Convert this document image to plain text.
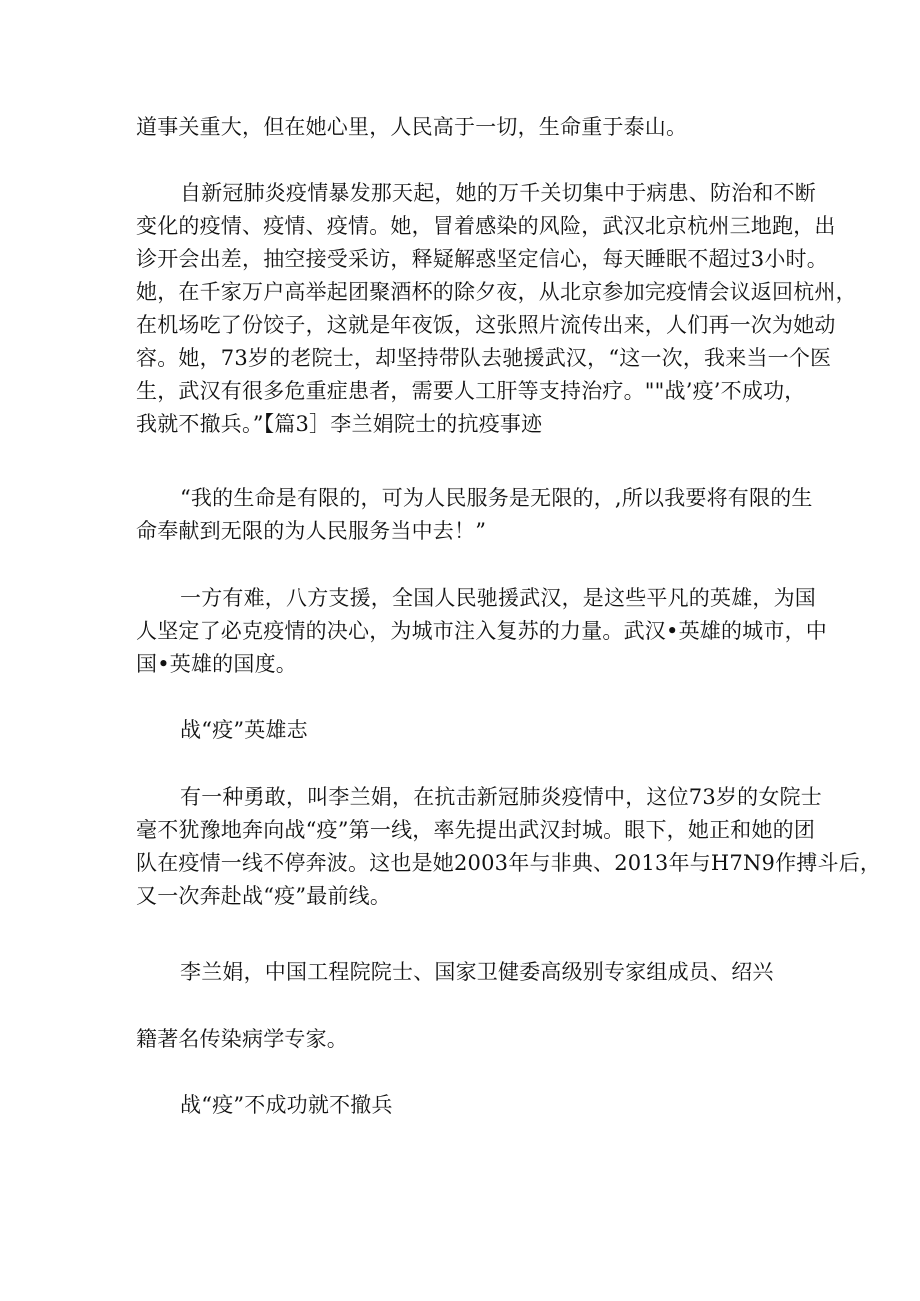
道事关重大，但在她心里，人民高于一切，生命重于泰山。
自新冠肺炎疫情暴发那天起，她的万千关切集中于病患、防治和不断
变化的疫情、疫情、疫情。她，冒着感染的风险，武汉北京杭州三地跑，出
诊开会出差，抽空接受采访，释疑解惑坚定信心，每天睡眠不超过3小时。
她，在千家万户高举起团聚酒杯的除夕夜，从北京参加完疫情会议返回杭州，
在机场吃了份饺子，这就是年夜饭，这张照片流传出来，人们再一次为她动
容。她，73岁的老院士，却坚持带队去驰援武汉，“这一次，我来当一个医
生，武汉有很多危重症患者，需要人工肝等支持治疗。""战’疫’不成功，
我就不撤兵。”【篇3］李兰娟院士的抗疫事迹
“我的生命是有限的，可为人民服务是无限的，,所以我要将有限的生
命奉献到无限的为人民服务当中去！”
一方有难，八方支援，全国人民驰援武汉，是这些平凡的英雄，为国
人坚定了必克疫情的决心，为城市注入复苏的力量。武汉•英雄的城市，中
国•英雄的国度。
战“疫”英雄志
有一种勇敢，叫李兰娟，在抗击新冠肺炎疫情中，这位73岁的女院士
毫不犹豫地奔向战“疫”第一线，率先提出武汉封城。眼下，她正和她的团
队在疫情一线不停奔波。这也是她2003年与非典、2013年与H7N9作搏斗后，
又一次奔赴战“疫”最前线。
李兰娟，中国工程院院士、国家卫健委高级别专家组成员、绍兴
籍著名传染病学专家。
战“疫”不成功就不撤兵
